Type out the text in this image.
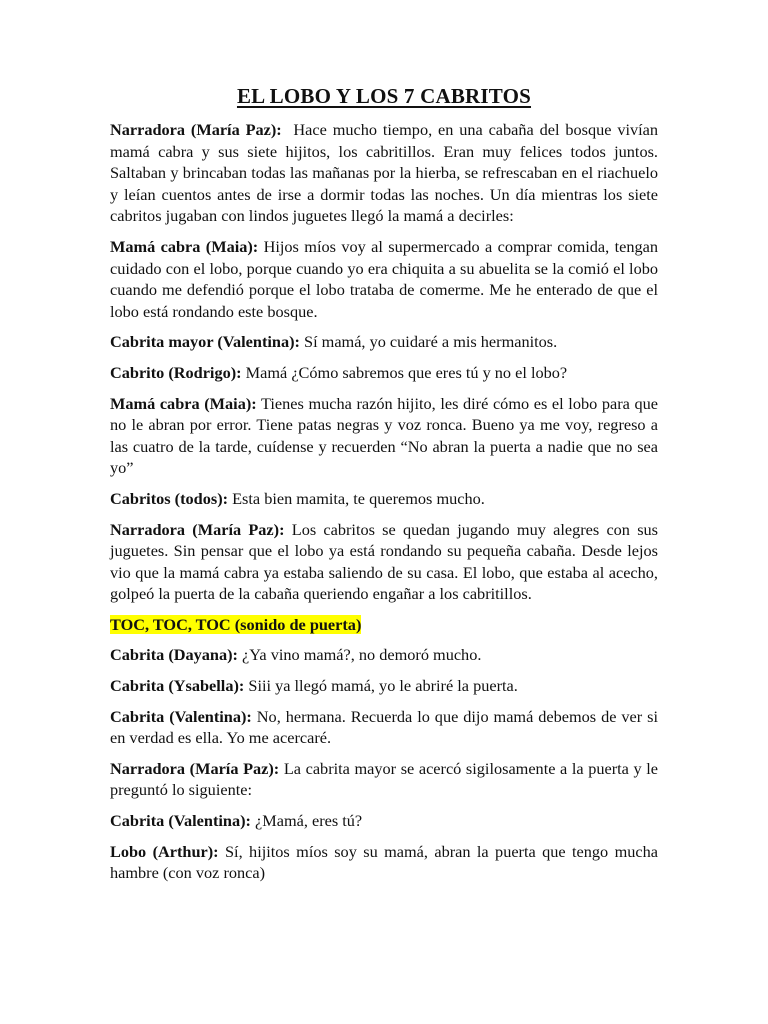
EL LOBO Y LOS 7 CABRITOS

Narradora (María Paz):  Hace mucho tiempo, en una cabaña del bosque vivían mamá cabra y sus siete hijitos, los cabritillos. Eran muy felices todos juntos. Saltaban y brincaban todas las mañanas por la hierba, se refrescaban en el riachuelo y leían cuentos antes de irse a dormir todas las noches. Un día mientras los siete cabritos jugaban con lindos juguetes llegó la mamá a decirles:

Mamá cabra (Maia): Hijos míos voy al supermercado a comprar comida, tengan cuidado con el lobo, porque cuando yo era chiquita a su abuelita se la comió el lobo cuando me defendió porque el lobo trataba de comerme. Me he enterado de que el lobo está rondando este bosque.

Cabrita mayor (Valentina): Sí mamá, yo cuidaré a mis hermanitos.

Cabrito (Rodrigo): Mamá ¿Cómo sabremos que eres tú y no el lobo?

Mamá cabra (Maia): Tienes mucha razón hijito, les diré cómo es el lobo para que no le abran por error. Tiene patas negras y voz ronca. Bueno ya me voy, regreso a las cuatro de la tarde, cuídense y recuerden “No abran la puerta a nadie que no sea yo”

Cabritos (todos): Esta bien mamita, te queremos mucho.

Narradora (María Paz): Los cabritos se quedan jugando muy alegres con sus juguetes. Sin pensar que el lobo ya está rondando su pequeña cabaña. Desde lejos vio que la mamá cabra ya estaba saliendo de su casa. El lobo, que estaba al acecho, golpeó la puerta de la cabaña queriendo engañar a los cabritillos.

TOC, TOC, TOC (sonido de puerta)

Cabrita (Dayana): ¿Ya vino mamá?, no demoró mucho.

Cabrita (Ysabella): Siii ya llegó mamá, yo le abriré la puerta.

Cabrita (Valentina): No, hermana. Recuerda lo que dijo mamá debemos de ver si en verdad es ella. Yo me acercaré.

Narradora (María Paz): La cabrita mayor se acercó sigilosamente a la puerta y le preguntó lo siguiente:

Cabrita (Valentina): ¿Mamá, eres tú?

Lobo (Arthur): Sí, hijitos míos soy su mamá, abran la puerta que tengo mucha hambre (con voz ronca)
